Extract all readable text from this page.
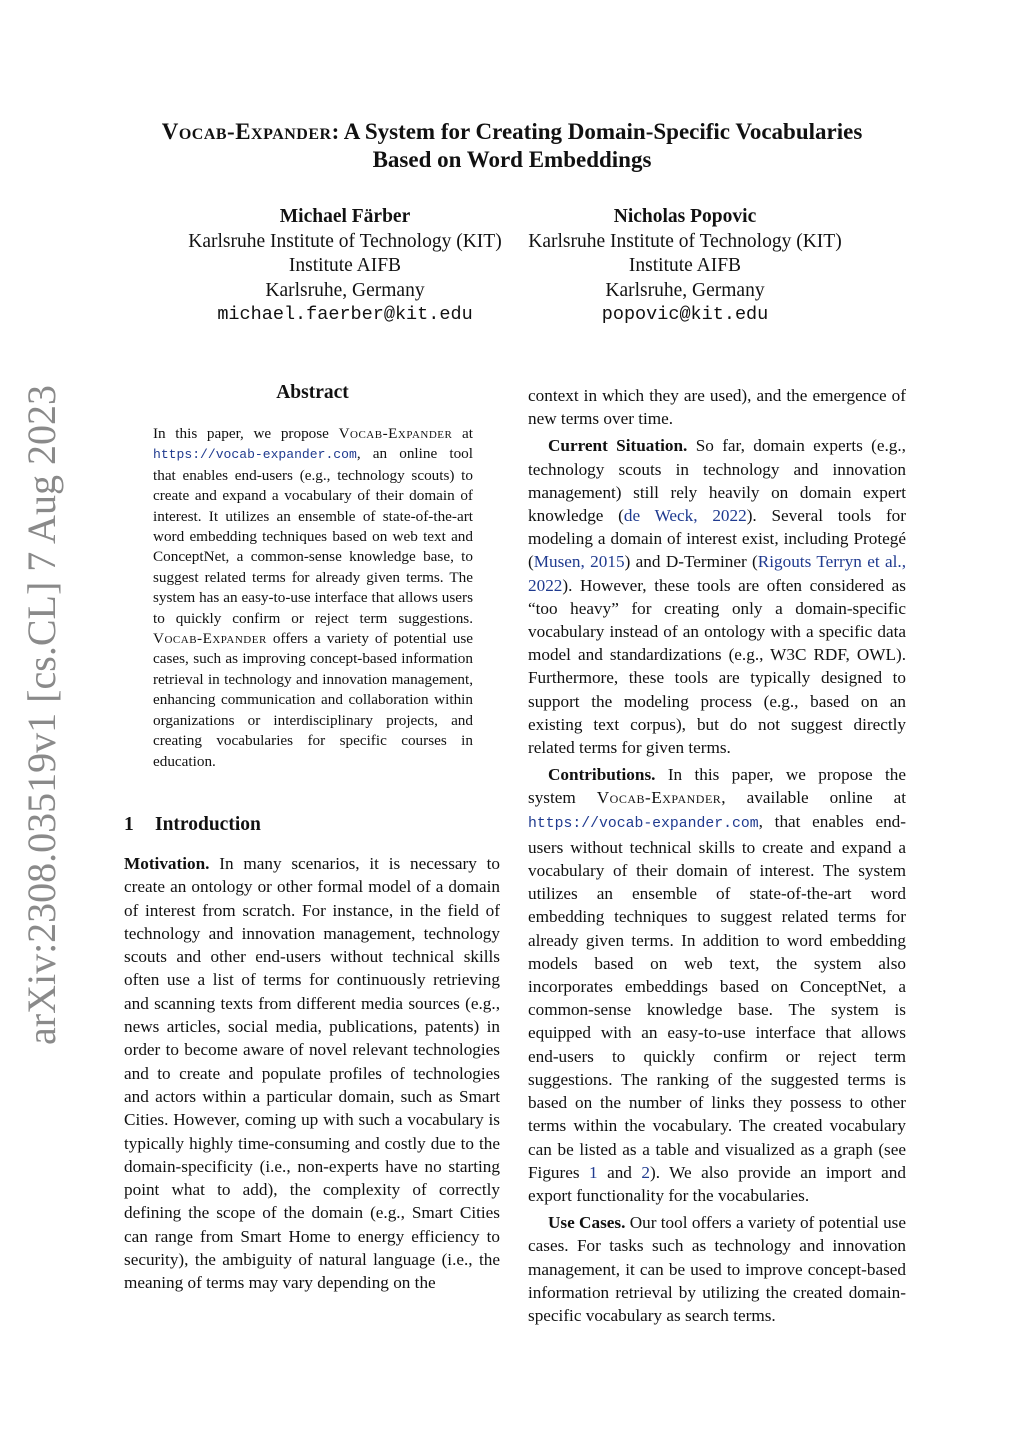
arXiv:2308.03519v1 [cs.CL] 7 Aug 2023
Vocab-Expander: A System for Creating Domain-Specific Vocabularies
Based on Word Embeddings
Michael Färber
Karlsruhe Institute of Technology (KIT)
Institute AIFB
Karlsruhe, Germany
michael.faerber@kit.edu
Nicholas Popovic
Karlsruhe Institute of Technology (KIT)
Institute AIFB
Karlsruhe, Germany
popovic@kit.edu
Abstract
In this paper, we propose Vocab-Expander at https://vocab-expander.com, an online tool that enables end-users (e.g., technology scouts) to create and expand a vocabulary of their domain of interest. It utilizes an ensemble of state-of-the-art word embedding techniques based on web text and ConceptNet, a common-sense knowledge base, to suggest related terms for already given terms. The system has an easy-to-use interface that allows users to quickly confirm or reject term suggestions. Vocab-Expander offers a variety of potential use cases, such as improving concept-based information retrieval in technology and innovation management, enhancing communication and collaboration within organizations or interdisciplinary projects, and creating vocabularies for specific courses in education.
1 Introduction

Motivation. In many scenarios, it is necessary to create an ontology or other formal model of a domain of interest from scratch. For instance, in the field of technology and innovation management, technology scouts and other end-users without technical skills often use a list of terms for continuously retrieving and scanning texts from different media sources (e.g., news articles, social media, publications, patents) in order to become aware of novel relevant technologies and to create and populate profiles of technologies and actors within a particular domain, such as Smart Cities. However, coming up with such a vocabulary is typically highly time-consuming and costly due to the domain-specificity (i.e., non-experts have no starting point what to add), the complexity of correctly defining the scope of the domain (e.g., Smart Cities can range from Smart Home to energy efficiency to security), the ambiguity of natural language (i.e., the meaning of terms may vary depending on the

context in which they are used), and the emergence of new terms over time.

Current Situation. So far, domain experts (e.g., technology scouts in technology and innovation management) still rely heavily on domain expert knowledge (de Weck, 2022). Several tools for modeling a domain of interest exist, including Protegé (Musen, 2015) and D-Terminer (Rigouts Terryn et al., 2022). However, these tools are often considered as “too heavy” for creating only a domain-specific vocabulary instead of an ontology with a specific data model and standardizations (e.g., W3C RDF, OWL). Furthermore, these tools are typically designed to support the modeling process (e.g., based on an existing text corpus), but do not suggest directly related terms for given terms.

Contributions. In this paper, we propose the system Vocab-Expander, available online at https://vocab-expander.com, that enables end-users without technical skills to create and expand a vocabulary of their domain of interest. The system utilizes an ensemble of state-of-the-art word embedding techniques to suggest related terms for already given terms. In addition to word embedding models based on web text, the system also incorporates embeddings based on ConceptNet, a common-sense knowledge base. The system is equipped with an easy-to-use interface that allows end-users to quickly confirm or reject term suggestions. The ranking of the suggested terms is based on the number of links they possess to other terms within the vocabulary. The created vocabulary can be listed as a table and visualized as a graph (see Figures 1 and 2). We also provide an import and export functionality for the vocabularies.

Use Cases. Our tool offers a variety of potential use cases. For tasks such as technology and innovation management, it can be used to improve concept-based information retrieval by utilizing the created domain-specific vocabulary as search terms.
